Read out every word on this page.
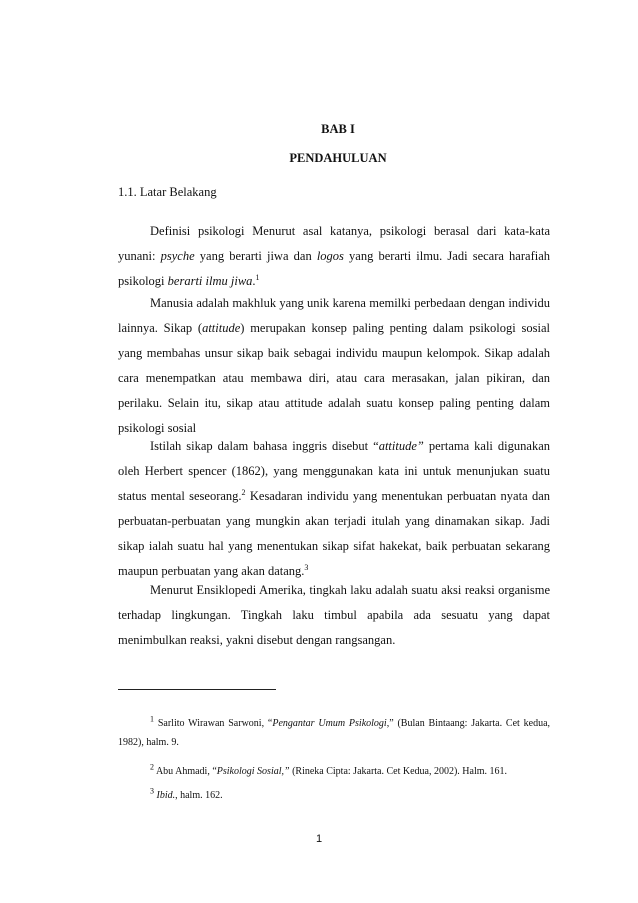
BAB I
PENDAHULUAN
1.1. Latar Belakang

Definisi psikologi Menurut asal katanya, psikologi berasal dari kata-kata yunani: psyche yang berarti jiwa dan logos yang berarti ilmu. Jadi secara harafiah psikologi berarti ilmu jiwa.$^1$

Manusia adalah makhluk yang unik karena memilki perbedaan dengan individu lainnya. Sikap (attitude) merupakan konsep paling penting dalam psikologi sosial yang membahas unsur sikap baik sebagai individu maupun kelompok. Sikap adalah cara menempatkan atau membawa diri, atau cara merasakan, jalan pikiran, dan perilaku. Selain itu, sikap atau attitude adalah suatu konsep paling penting dalam psikologi sosial

Istilah sikap dalam bahasa inggris disebut “attitude” pertama kali digunakan oleh Herbert spencer (1862), yang menggunakan kata ini untuk menunjukan suatu status mental seseorang.$^2$ Kesadaran individu yang menentukan perbuatan nyata dan perbuatan-perbuatan yang mungkin akan terjadi itulah yang dinamakan sikap. Jadi sikap ialah suatu hal yang menentukan sikap sifat hakekat, baik perbuatan sekarang maupun perbuatan yang akan datang.$^3$

Menurut Ensiklopedi Amerika, tingkah laku adalah suatu aksi reaksi organisme terhadap lingkungan. Tingkah laku timbul apabila ada sesuatu yang dapat menimbulkan reaksi, yakni disebut dengan rangsangan.

$^1$ Sarlito Wirawan Sarwoni, “Pengantar Umum Psikologi,” (Bulan Bintaang: Jakarta. Cet kedua, 1982), halm. 9.

$^2$ Abu Ahmadi, “Psikologi Sosial,” (Rineka Cipta: Jakarta. Cet Kedua, 2002). Halm. 161.

$^3$ Ibid., halm. 162.

1
